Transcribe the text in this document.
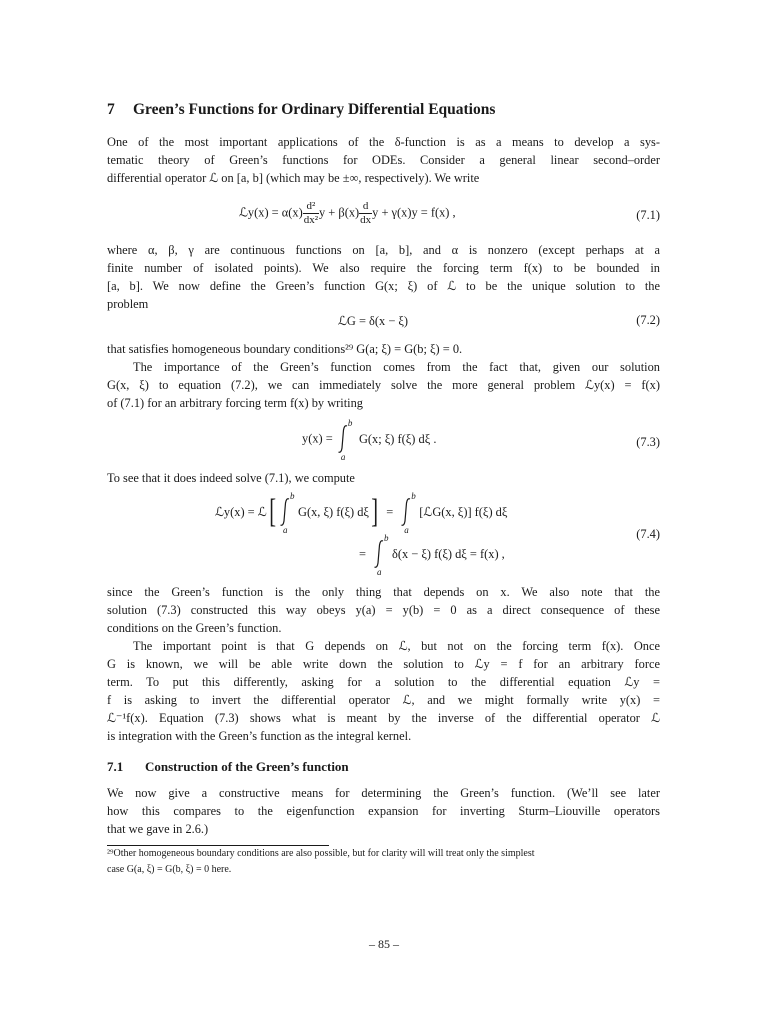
7 Green’s Functions for Ordinary Differential Equations

One of the most important applications of the δ-function is as a means to develop a sys-
tematic theory of Green’s functions for ODEs. Consider a general linear second–order
differential operator ℒ on [a, b] (which may be ±∞, respectively). We write

ℒy(x) = $\alpha(x) \frac{\text{d²}}{\text{dx²}}$ $y + \beta(x) \frac{d}{dx}$ y + γ(x)y = f(x) ,	(7.1)

where α, β, γ are continuous functions on [a, b], and α is nonzero (except perhaps at a
finite number of isolated points). We also require the forcing term f(x) to be bounded in
[a, b]. We now define the Green’s function G(x; ξ) of ℒ to be the unique solution to the
problem

ℒG = δ(x − ξ)	(7.2)

that satisfies homogeneous boundary conditions²⁹ G(a; ξ) = G(b; ξ) = 0.

The importance of the Green’s function comes from the fact that, given our solution
G(x, ξ) to equation (7.2), we can immediately solve the more general problem ℒy(x) = f(x)
of (7.1) for an arbitrary forcing term f(x) by writing

y(x) =
b
a
G(x; ξ) f(ξ) dξ .	(7.3)

To see that it does indeed solve (7.1), we compute

ℒy(x) = ℒ[ b
a
G(x, ξ) f(ξ) dξ] =
b
a
[ℒG(x, ξ)] f(ξ) dξ
=
b
a
δ(x − ξ) f(ξ) dξ = f(x) ,
(7.4)

since the Green’s function is the only thing that depends on x. We also note that the
solution (7.3) constructed this way obeys y(a) = y(b) = 0 as a direct consequence of these
conditions on the Green’s function.

The important point is that G depends on ℒ, but not on the forcing term f(x). Once
G is known, we will be able write down the solution to ℒy = f for an arbitrary force
term. To put this differently, asking for a solution to the differential equation ℒy =
f is asking to invert the differential operator ℒ, and we might formally write y(x) =
ℒ⁻¹f(x). Equation (7.3) shows what is meant by the inverse of the differential operator ℒ
is integration with the Green’s function as the integral kernel.

7.1 Construction of the Green’s function

We now give a constructive means for determining the Green’s function. (We’ll see later
how this compares to the eigenfunction expansion for inverting Sturm–Liouville operators
that we gave in 2.6.)

²⁹Other homogeneous boundary conditions are also possible, but for clarity will will treat only the simplest
case G(a, ξ) = G(b, ξ) = 0 here.
– 85 –
